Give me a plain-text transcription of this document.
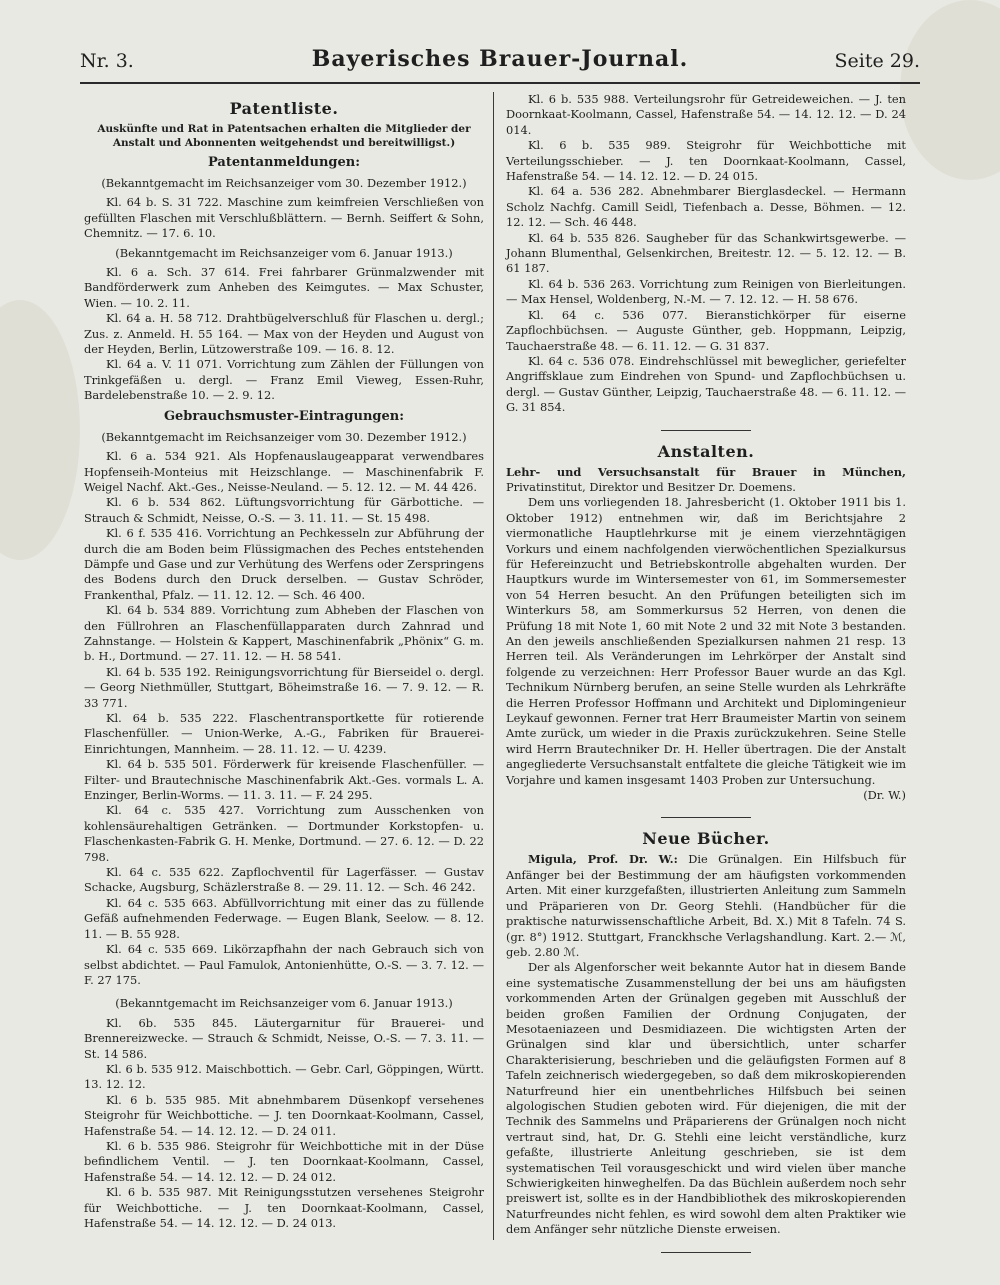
Nr. 3.	Bayerisches Brauer-Journal.	Seite 29.
Patentliste.
Auskünfte und Rat in Patentsachen erhalten die Mitglieder der Anstalt und Abonnenten weitgehendst und bereitwilligst.)
Patentanmeldungen:
(Bekanntgemacht im Reichsanzeiger vom 30. Dezember 1912.)

Kl. 64 b. S. 31 722. Maschine zum keimfreien Verschließen von gefüllten Flaschen mit Verschlußblättern. — Bernh. Seiffert & Sohn, Chemnitz. — 17. 6. 10.

(Bekanntgemacht im Reichsanzeiger vom 6. Januar 1913.)

Kl. 6 a. Sch. 37 614. Frei fahrbarer Grünmalzwender mit Bandförderwerk zum Anheben des Keimgutes. — Max Schuster, Wien. — 10. 2. 11.

Kl. 64 a. H. 58 712. Drahtbügelverschluß für Flaschen u. dergl.; Zus. z. Anmeld. H. 55 164. — Max von der Heyden und August von der Heyden, Berlin, Lützowerstraße 109. — 16. 8. 12.

Kl. 64 a. V. 11 071. Vorrichtung zum Zählen der Füllungen von Trinkgefäßen u. dergl. — Franz Emil Vieweg, Essen-Ruhr, Bardelebenstraße 10. — 2. 9. 12.

Gebrauchsmuster-Eintragungen:
(Bekanntgemacht im Reichsanzeiger vom 30. Dezember 1912.)

Kl. 6 a. 534 921. Als Hopfenauslaugeapparat verwendbares Hopfenseih-Monteius mit Heizschlange. — Maschinenfabrik F. Weigel Nachf. Akt.-Ges., Neisse-Neuland. — 5. 12. 12. — M. 44 426.

Kl. 6 b. 534 862. Lüftungsvorrichtung für Gärbottiche. — Strauch & Schmidt, Neisse, O.-S. — 3. 11. 11. — St. 15 498.

Kl. 6 f. 535 416. Vorrichtung an Pechkesseln zur Abführung der durch die am Boden beim Flüssigmachen des Peches entstehenden Dämpfe und Gase und zur Verhütung des Werfens oder Zerspringens des Bodens durch den Druck derselben. — Gustav Schröder, Frankenthal, Pfalz. — 11. 12. 12. — Sch. 46 400.

Kl. 64 b. 534 889. Vorrichtung zum Abheben der Flaschen von den Füllrohren an Flaschenfüllapparaten durch Zahnrad und Zahnstange. — Holstein & Kappert, Maschinenfabrik „Phönix“ G. m. b. H., Dortmund. — 27. 11. 12. — H. 58 541.

Kl. 64 b. 535 192. Reinigungsvorrichtung für Bierseidel o. dergl. — Georg Niethmüller, Stuttgart, Böheimstraße 16. — 7. 9. 12. — R. 33 771.

Kl. 64 b. 535 222. Flaschentransportkette für rotierende Flaschenfüller. — Union-Werke, A.-G., Fabriken für Brauerei-Einrichtungen, Mannheim. — 28. 11. 12. — U. 4239.

Kl. 64 b. 535 501. Förderwerk für kreisende Flaschenfüller. — Filter- und Brautechnische Maschinenfabrik Akt.-Ges. vormals L. A. Enzinger, Berlin-Worms. — 11. 3. 11. — F. 24 295.

Kl. 64 c. 535 427. Vorrichtung zum Ausschenken von kohlensäurehaltigen Getränken. — Dortmunder Korkstopfen- u. Flaschenkasten-Fabrik G. H. Menke, Dortmund. — 27. 6. 12. — D. 22 798.

Kl. 64 c. 535 622. Zapflochventil für Lagerfässer. — Gustav Schacke, Augsburg, Schäzlerstraße 8. — 29. 11. 12. — Sch. 46 242.

Kl. 64 c. 535 663. Abfüllvorrichtung mit einer das zu füllende Gefäß aufnehmenden Federwage. — Eugen Blank, Seelow. — 8. 12. 11. — B. 55 928.

Kl. 64 c. 535 669. Likörzapfhahn der nach Gebrauch sich von selbst abdichtet. — Paul Famulok, Antonienhütte, O.-S. — 3. 7. 12. — F. 27 175.

(Bekanntgemacht im Reichsanzeiger vom 6. Januar 1913.)

Kl. 6b. 535 845. Läutergarnitur für Brauerei- und Brennereizwecke. — Strauch & Schmidt, Neisse, O.-S. — 7. 3. 11. — St. 14 586.

Kl. 6 b. 535 912. Maischbottich. — Gebr. Carl, Göppingen, Württ. 13. 12. 12.

Kl. 6 b. 535 985. Mit abnehmbarem Düsenkopf versehenes Steigrohr für Weichbottiche. — J. ten Doornkaat-Koolmann, Cassel, Hafenstraße 54. — 14. 12. 12. — D. 24 011.

Kl. 6 b. 535 986. Steigrohr für Weichbottiche mit in der Düse befindlichem Ventil. — J. ten Doornkaat-Koolmann, Cassel, Hafenstraße 54. — 14. 12. 12. — D. 24 012.

Kl. 6 b. 535 987. Mit Reinigungsstutzen versehenes Steigrohr für Weichbottiche. — J. ten Doornkaat-Koolmann, Cassel, Hafenstraße 54. — 14. 12. 12. — D. 24 013.

Kl. 6 b. 535 988. Verteilungsrohr für Getreideweichen. — J. ten Doornkaat-Koolmann, Cassel, Hafenstraße 54. — 14. 12. 12. — D. 24 014.

Kl. 6 b. 535 989. Steigrohr für Weichbottiche mit Verteilungsschieber. — J. ten Doornkaat-Koolmann, Cassel, Hafenstraße 54. — 14. 12. 12. — D. 24 015.

Kl. 64 a. 536 282. Abnehmbarer Bierglasdeckel. — Hermann Scholz Nachfg. Camill Seidl, Tiefenbach a. Desse, Böhmen. — 12. 12. 12. — Sch. 46 448.

Kl. 64 b. 535 826. Saugheber für das Schankwirtsgewerbe. — Johann Blumenthal, Gelsenkirchen, Breitestr. 12. — 5. 12. 12. — B. 61 187.

Kl. 64 b. 536 263. Vorrichtung zum Reinigen von Bierleitungen. — Max Hensel, Woldenberg, N.-M. — 7. 12. 12. — H. 58 676.

Kl. 64 c. 536 077. Bieranstichkörper für eiserne Zapflochbüchsen. — Auguste Günther, geb. Hoppmann, Leipzig, Tauchaerstraße 48. — 6. 11. 12. — G. 31 837.

Kl. 64 c. 536 078. Eindrehschlüssel mit beweglicher, geriefelter Angriffsklaue zum Eindrehen von Spund- und Zapflochbüchsen u. dergl. — Gustav Günther, Leipzig, Tauchaerstraße 48. — 6. 11. 12. — G. 31 854.

Anstalten.

Lehr- und Versuchsanstalt für Brauer in München, Privatinstitut, Direktor und Besitzer Dr. Doemens.

Dem uns vorliegenden 18. Jahresbericht (1. Oktober 1911 bis 1. Oktober 1912) entnehmen wir, daß im Berichtsjahre 2 viermonatliche Hauptlehrkurse mit je einem vierzehntägigen Vorkurs und einem nachfolgenden vierwöchentlichen Spezialkursus für Hefereinzucht und Betriebskontrolle abgehalten wurden. Der Hauptkurs wurde im Wintersemester von 61, im Sommersemester von 54 Herren besucht. An den Prüfungen beteiligten sich im Winterkurs 58, am Sommerkursus 52 Herren, von denen die Prüfung 18 mit Note 1, 60 mit Note 2 und 32 mit Note 3 bestanden. An den jeweils anschließenden Spezialkursen nahmen 21 resp. 13 Herren teil. Als Veränderungen im Lehrkörper der Anstalt sind folgende zu verzeichnen: Herr Professor Bauer wurde an das Kgl. Technikum Nürnberg berufen, an seine Stelle wurden als Lehrkräfte die Herren Professor Hoffmann und Architekt und Diplomingenieur Leykauf gewonnen. Ferner trat Herr Braumeister Martin von seinem Amte zurück, um wieder in die Praxis zurückzukehren. Seine Stelle wird Herrn Brautechniker Dr. H. Heller übertragen. Die der Anstalt angegliederte Versuchsanstalt entfaltete die gleiche Tätigkeit wie im Vorjahre und kamen insgesamt 1403 Proben zur Untersuchung.

(Dr. W.)

Neue Bücher.

Migula, Prof. Dr. W.: Die Grünalgen. Ein Hilfsbuch für Anfänger bei der Bestimmung der am häufigsten vorkommenden Arten. Mit einer kurzgefaßten, illustrierten Anleitung zum Sammeln und Präparieren von Dr. Georg Stehli. (Handbücher für die praktische naturwissenschaftliche Arbeit, Bd. X.) Mit 8 Tafeln. 74 S. (gr. 8°) 1912. Stuttgart, Franckhsche Verlagshandlung. Kart. 2.— ℳ, geb. 2.80 ℳ.

Der als Algenforscher weit bekannte Autor hat in diesem Bande eine systematische Zusammenstellung der bei uns am häufigsten vorkommenden Arten der Grünalgen gegeben mit Ausschluß der beiden großen Familien der Ordnung Conjugaten, der Mesotaeniazeen und Desmidiazeen. Die wichtigsten Arten der Grünalgen sind klar und übersichtlich, unter scharfer Charakterisierung, beschrieben und die geläufigsten Formen auf 8 Tafeln zeichnerisch wiedergegeben, so daß dem mikroskopierenden Naturfreund hier ein unentbehrliches Hilfsbuch bei seinen algologischen Studien geboten wird. Für diejenigen, die mit der Technik des Sammelns und Präparierens der Grünalgen noch nicht vertraut sind, hat, Dr. G. Stehli eine leicht verständliche, kurz gefaßte, illustrierte Anleitung geschrieben, sie ist dem systematischen Teil vorausgeschickt und wird vielen über manche Schwierigkeiten hinweghelfen. Da das Büchlein außerdem noch sehr preiswert ist, sollte es in der Handbibliothek des mikroskopierenden Naturfreundes nicht fehlen, es wird sowohl dem alten Praktiker wie dem Anfänger sehr nützliche Dienste erweisen.
